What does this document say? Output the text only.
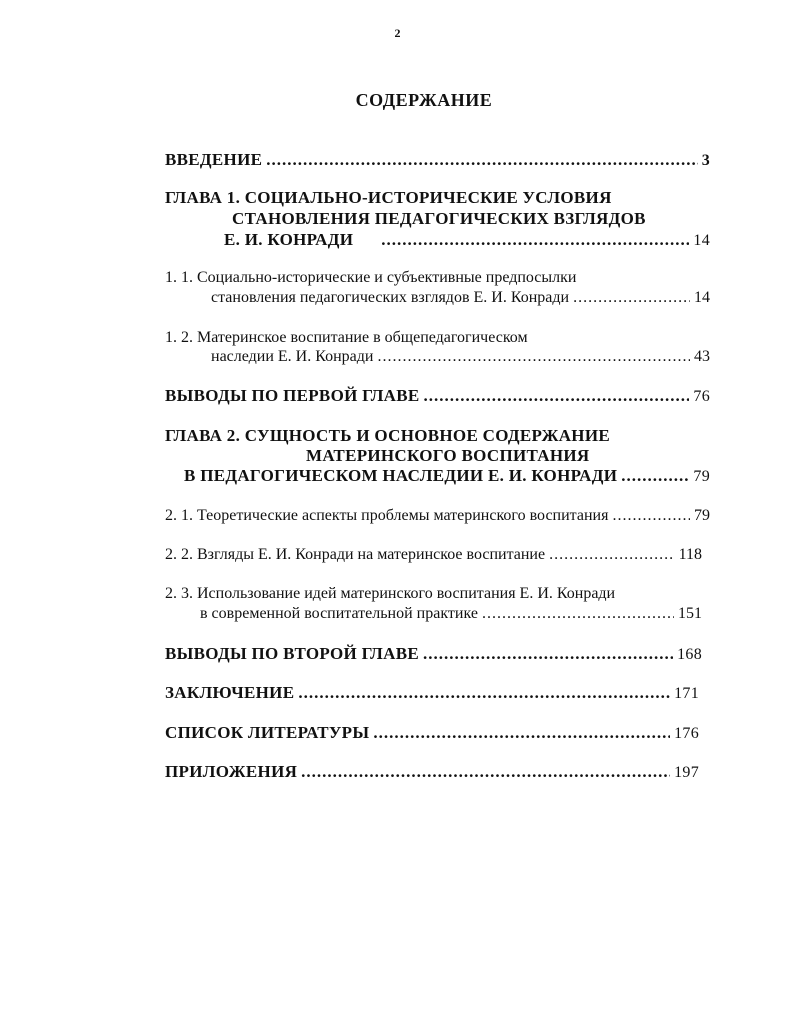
2
СОДЕРЖАНИЕ
ВВЕДЕНИЕ .....	3
ГЛАВА 1. СОЦИАЛЬНО-ИСТОРИЧЕСКИЕ УСЛОВИЯ
СТАНОВЛЕНИЯ ПЕДАГОГИЧЕСКИХ ВЗГЛЯДОВ
Е. И. КОНРАДИ .....	14
1. 1. Социально-исторические и субъективные предпосылки
становления педагогических взглядов Е. И. Конради .....	14
1. 2. Материнское воспитание в общепедагогическом
наследии Е. И. Конради .....	43
ВЫВОДЫ ПО ПЕРВОЙ ГЛАВЕ .....	76
ГЛАВА 2. СУЩНОСТЬ И ОСНОВНОЕ СОДЕРЖАНИЕ
МАТЕРИНСКОГО ВОСПИТАНИЯ
В ПЕДАГОГИЧЕСКОМ НАСЛЕДИИ Е. И. КОНРАДИ .....	79
2. 1. Теоретические аспекты проблемы материнского воспитания .....	79
2. 2. Взгляды Е. И. Конради на материнское воспитание .....	118
2. 3. Использование идей материнского воспитания Е. И. Конради
в современной воспитательной практике .....	151
ВЫВОДЫ ПО ВТОРОЙ ГЛАВЕ .....	168
ЗАКЛЮЧЕНИЕ .....	171
СПИСОК ЛИТЕРАТУРЫ .....	176
ПРИЛОЖЕНИЯ .....	197
